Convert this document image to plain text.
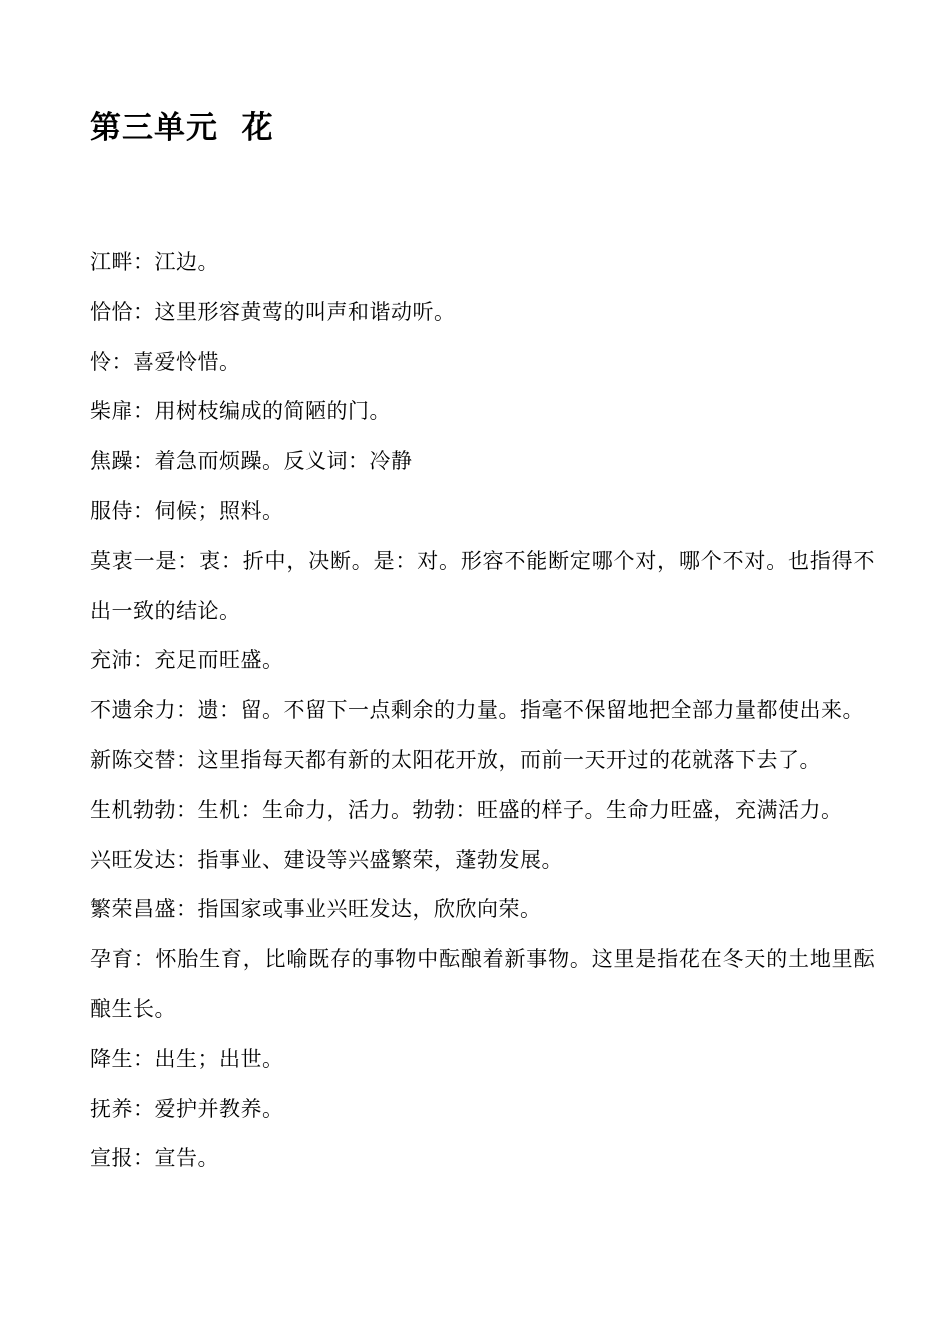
第三单元  花
江畔：江边。
恰恰：这里形容黄莺的叫声和谐动听。
怜：喜爱怜惜。
柴扉：用树枝编成的简陋的门。
焦躁：着急而烦躁。反义词：冷静
服侍：伺候；照料。
莫衷一是：衷：折中，决断。是：对。形容不能断定哪个对，哪个不对。也指得不出一致的结论。
充沛：充足而旺盛。
不遗余力：遗：留。不留下一点剩余的力量。指毫不保留地把全部力量都使出来。
新陈交替：这里指每天都有新的太阳花开放，而前一天开过的花就落下去了。
生机勃勃：生机：生命力，活力。勃勃：旺盛的样子。生命力旺盛，充满活力。
兴旺发达：指事业、建设等兴盛繁荣，蓬勃发展。
繁荣昌盛：指国家或事业兴旺发达，欣欣向荣。
孕育：怀胎生育，比喻既存的事物中酝酿着新事物。这里是指花在冬天的土地里酝酿生长。
降生：出生；出世。
抚养：爱护并教养。
宣报：宣告。
